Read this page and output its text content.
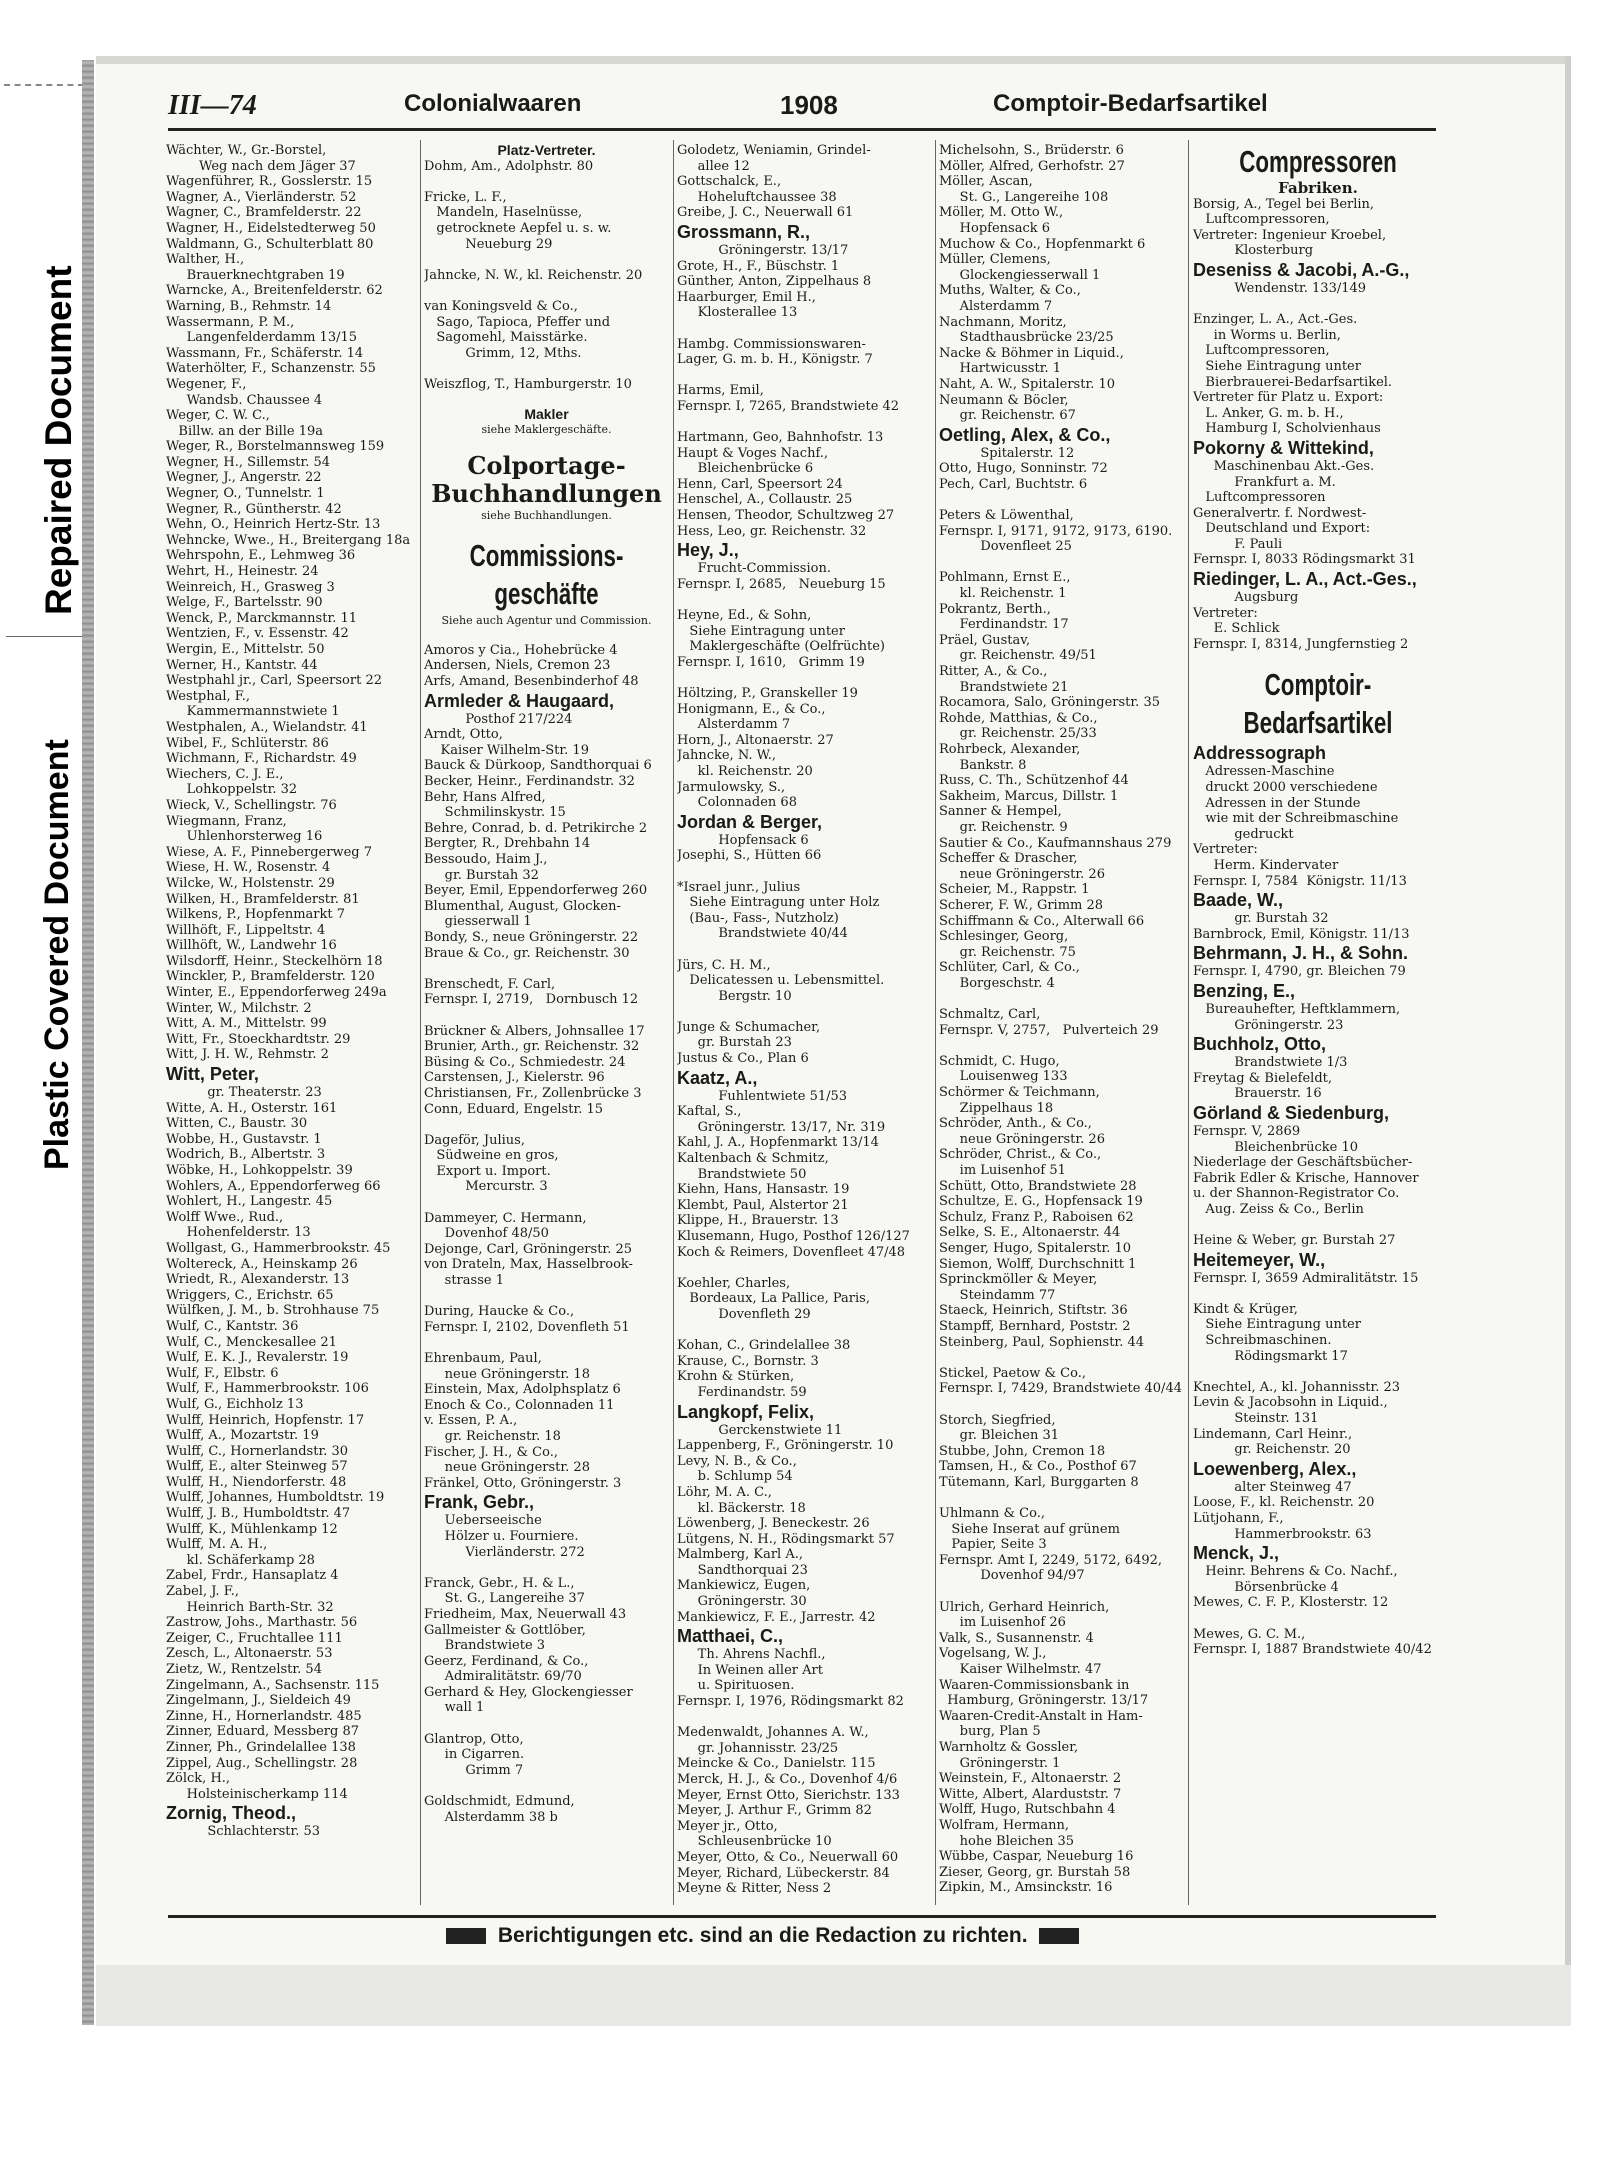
Repaired Document
Plastic Covered Document
III—74	Colonialwaaren	1908	Comptoir-Bedarfsartikel
Wächter, W., Gr.-Borstel,
Weg nach dem Jäger 37
Wagenführer, R., Gosslerstr. 15
Wagner, A., Vierländerstr. 52
Wagner, C., Bramfelderstr. 22
Wagner, H., Eidelstedterweg 50
Waldmann, G., Schulterblatt 80
Walther, H.,
Brauerknechtgraben 19
Warncke, A., Breitenfelderstr. 62
Warning, B., Rehmstr. 14
Wassermann, P. M.,
Langenfelderdamm 13/15
Wassmann, Fr., Schäferstr. 14
Waterhölter, F., Schanzenstr. 55
Wegener, F.,
Wandsb. Chaussee 4
Weger, C. W. C.,
Billw. an der Bille 19a
Weger, R., Borstelmannsweg 159
Wegner, H., Sillemstr. 54
Wegner, J., Angerstr. 22
Wegner, O., Tunnelstr. 1
Wegner, R., Güntherstr. 42
Wehn, O., Heinrich Hertz-Str. 13
Wehncke, Wwe., H., Breitergang 18a
Wehrspohn, E., Lehmweg 36
Wehrt, H., Heinestr. 24
Weinreich, H., Grasweg 3
Welge, F., Bartelsstr. 90
Wenck, P., Marckmannstr. 11
Wentzien, F., v. Essenstr. 42
Wergin, E., Mittelstr. 50
Werner, H., Kantstr. 44
Westphahl jr., Carl, Speersort 22
Westphal, F.,
Kammermannstwiete 1
Westphalen, A., Wielandstr. 41
Wibel, F., Schlüterstr. 86
Wichmann, F., Richardstr. 49
Wiechers, C. J. E.,
Lohkoppelstr. 32
Wieck, V., Schellingstr. 76
Wiegmann, Franz,
Uhlenhorsterweg 16
Wiese, A. F., Pinnebergerweg 7
Wiese, H. W., Rosenstr. 4
Wilcke, W., Holstenstr. 29
Wilken, H., Bramfelderstr. 81
Wilkens, P., Hopfenmarkt 7
Willhöft, F., Lippeltstr. 4
Willhöft, W., Landwehr 16
Wilsdorff, Heinr., Steckelhörn 18
Winckler, P., Bramfelderstr. 120
Winter, E., Eppendorferweg 249a
Winter, W., Milchstr. 2
Witt, A. M., Mittelstr. 99
Witt, Fr., Stoeckhardtstr. 29
Witt, J. H. W., Rehmstr. 2
Witt, Peter,
gr. Theaterstr. 23
Witte, A. H., Osterstr. 161
Witten, C., Baustr. 30
Wobbe, H., Gustavstr. 1
Wodrich, B., Albertstr. 3
Wöbke, H., Lohkoppelstr. 39
Wohlers, A., Eppendorferweg 66
Wohlert, H., Langestr. 45
Wolff Wwe., Rud.,
Hohenfelderstr. 13
Wollgast, G., Hammerbrookstr. 45
Woltereck, A., Heinskamp 26
Wriedt, R., Alexanderstr. 13
Wriggers, C., Erichstr. 65
Wülfken, J. M., b. Strohhause 75
Wulf, C., Kantstr. 36
Wulf, C., Menckesallee 21
Wulf, E. K. J., Revalerstr. 19
Wulf, F., Elbstr. 6
Wulf, F., Hammerbrookstr. 106
Wulf, G., Eichholz 13
Wulff, Heinrich, Hopfenstr. 17
Wulff, A., Mozartstr. 19
Wulff, C., Hornerlandstr. 30
Wulff, E., alter Steinweg 57
Wulff, H., Niendorferstr. 48
Wulff, Johannes, Humboldtstr. 19
Wulff, J. B., Humboldtstr. 47
Wulff, K., Mühlenkamp 12
Wulff, M. A. H.,
kl. Schäferkamp 28
Zabel, Frdr., Hansaplatz 4
Zabel, J. F.,
Heinrich Barth-Str. 32
Zastrow, Johs., Marthastr. 56
Zeiger, C., Fruchtallee 111
Zesch, L., Altonaerstr. 53
Zietz, W., Rentzelstr. 54
Zingelmann, A., Sachsenstr. 115
Zingelmann, J., Sieldeich 49
Zinne, H., Hornerlandstr. 485
Zinner, Eduard, Messberg 87
Zinner, Ph., Grindelallee 138
Zippel, Aug., Schellingstr. 28
Zölck, H.,
Holsteinischerkamp 114
Zornig, Theod.,
Schlachterstr. 53
Platz-Vertreter.
Dohm, Am., Adolphstr. 80

Fricke, L. F.,
Mandeln, Haselnüsse,
getrocknete Aepfel u. s. w.
Neueburg 29

Jahncke, N. W., kl. Reichenstr. 20

van Koningsveld & Co.,
Sago, Tapioca, Pfeffer und
Sagomehl, Maisstärke.
Grimm, 12, Mths.

Weiszflog, T., Hamburgerstr. 10
Makler
siehe Maklergeschäfte.
Colportage-Buchhandlungen
siehe Buchhandlungen.
Commissions-geschäfte
Siehe auch Agentur und Commission.
Amoros y Cia., Hohebrücke 4
Andersen, Niels, Cremon 23
Arfs, Amand, Besenbinderhof 48
Armleder & Haugaard,
Posthof 217/224
Arndt, Otto,
Kaiser Wilhelm-Str. 19
Bauck & Dürkoop, Sandthorquai 6
Becker, Heinr., Ferdinandstr. 32
Behr, Hans Alfred,
Schmilinskystr. 15
Behre, Conrad, b. d. Petrikirche 2
Bergter, R., Drehbahn 14
Bessoudo, Haim J.,
gr. Burstah 32
Beyer, Emil, Eppendorferweg 260
Blumenthal, August, Glocken-
giesserwall 1
Bondy, S., neue Gröningerstr. 22
Braue & Co., gr. Reichenstr. 30

Brenschedt, F. Carl,
Fernspr. I, 2719,   Dornbusch 12

Brückner & Albers, Johnsallee 17
Brunier, Arth., gr. Reichenstr. 32
Büsing & Co., Schmiedestr. 24
Carstensen, J., Kielerstr. 96
Christiansen, Fr., Zollenbrücke 3
Conn, Eduard, Engelstr. 15

Dageför, Julius,
Südweine en gros,
Export u. Import.
Mercurstr. 3

Dammeyer, C. Hermann,
Dovenhof 48/50
Dejonge, Carl, Gröningerstr. 25
von Drateln, Max, Hasselbrook-
strasse 1

During, Haucke & Co.,
Fernspr. I, 2102, Dovenfleth 51

Ehrenbaum, Paul,
neue Gröningerstr. 18
Einstein, Max, Adolphsplatz 6
Enoch & Co., Colonnaden 11
v. Essen, P. A.,
gr. Reichenstr. 18
Fischer, J. H., & Co.,
neue Gröningerstr. 28
Fränkel, Otto, Gröningerstr. 3
Frank, Gebr.,
Ueberseeische
Hölzer u. Fourniere.
Vierländerstr. 272

Franck, Gebr., H. & L.,
St. G., Langereihe 37
Friedheim, Max, Neuerwall 43
Gallmeister & Gottlöber,
Brandstwiete 3
Geerz, Ferdinand, & Co.,
Admiralitätstr. 69/70
Gerhard & Hey, Glockengiesser
wall 1

Glantrop, Otto,
in Cigarren.
Grimm 7

Goldschmidt, Edmund,
Alsterdamm 38 b
Golodetz, Weniamin, Grindel-
allee 12
Gottschalck, E.,
Hoheluftchaussee 38
Greibe, J. C., Neuerwall 61
Grossmann, R.,
Gröningerstr. 13/17
Grote, H., F., Büschstr. 1
Günther, Anton, Zippelhaus 8
Haarburger, Emil H.,
Klosterallee 13

Hambg. Commissionswaren-
Lager, G. m. b. H., Königstr. 7

Harms, Emil,
Fernspr. I, 7265, Brandstwiete 42

Hartmann, Geo, Bahnhofstr. 13
Haupt & Voges Nachf.,
Bleichenbrücke 6
Henn, Carl, Speersort 24
Henschel, A., Collaustr. 25
Hensen, Theodor, Schultzweg 27
Hess, Leo, gr. Reichenstr. 32
Hey, J.,
Frucht-Commission.
Fernspr. I, 2685,   Neueburg 15

Heyne, Ed., & Sohn,
Siehe Eintragung unter
Maklergeschäfte (Oelfrüchte)
Fernspr. I, 1610,   Grimm 19

Höltzing, P., Granskeller 19
Honigmann, E., & Co.,
Alsterdamm 7
Horn, J., Altonaerstr. 27
Jahncke, N. W.,
kl. Reichenstr. 20
Jarmulowsky, S.,
Colonnaden 68
Jordan & Berger,
Hopfensack 6
Josephi, S., Hütten 66

*Israel junr., Julius
Siehe Eintragung unter Holz
(Bau-, Fass-, Nutzholz)
Brandstwiete 40/44

Jürs, C. H. M.,
Delicatessen u. Lebensmittel.
Bergstr. 10

Junge & Schumacher,
gr. Burstah 23
Justus & Co., Plan 6
Kaatz, A.,
Fuhlentwiete 51/53
Kaftal, S.,
Gröningerstr. 13/17, Nr. 319
Kahl, J. A., Hopfenmarkt 13/14
Kaltenbach & Schmitz,
Brandstwiete 50
Kiehn, Hans, Hansastr. 19
Klembt, Paul, Alstertor 21
Klippe, H., Brauerstr. 13
Klusemann, Hugo, Posthof 126/127
Koch & Reimers, Dovenfleet 47/48

Koehler, Charles,
Bordeaux, La Pallice, Paris,
Dovenfleth 29

Kohan, C., Grindelallee 38
Krause, C., Bornstr. 3
Krohn & Stürken,
Ferdinandstr. 59
Langkopf, Felix,
Gerckenstwiete 11
Lappenberg, F., Gröningerstr. 10
Levy, N. B., & Co.,
b. Schlump 54
Löhr, M. A. C.,
kl. Bäckerstr. 18
Löwenberg, J. Beneckestr. 26
Lütgens, N. H., Rödingsmarkt 57
Malmberg, Karl A.,
Sandthorquai 23
Mankiewicz, Eugen,
Gröningerstr. 30
Mankiewicz, F. E., Jarrestr. 42
Matthaei, C.,
Th. Ahrens Nachfl.,
In Weinen aller Art
u. Spirituosen.
Fernspr. I, 1976, Rödingsmarkt 82

Medenwaldt, Johannes A. W.,
gr. Johannisstr. 23/25
Meincke & Co., Danielstr. 115
Merck, H. J., & Co., Dovenhof 4/6
Meyer, Ernst Otto, Sierichstr. 133
Meyer, J. Arthur F., Grimm 82
Meyer jr., Otto,
Schleusenbrücke 10
Meyer, Otto, & Co., Neuerwall 60
Meyer, Richard, Lübeckerstr. 84
Meyne & Ritter, Ness 2
Michelsohn, S., Brüderstr. 6
Möller, Alfred, Gerhofstr. 27
Möller, Ascan,
St. G., Langereihe 108
Möller, M. Otto W.,
Hopfensack 6
Muchow & Co., Hopfenmarkt 6
Müller, Clemens,
Glockengiesserwall 1
Muths, Walter, & Co.,
Alsterdamm 7
Nachmann, Moritz,
Stadthausbrücke 23/25
Nacke & Böhmer in Liquid.,
Hartwicusstr. 1
Naht, A. W., Spitalerstr. 10
Neumann & Böcler,
gr. Reichenstr. 67
Oetling, Alex, & Co.,
Spitalerstr. 12
Otto, Hugo, Sonninstr. 72
Pech, Carl, Buchtstr. 6

Peters & Löwenthal,
Fernspr. I, 9171, 9172, 9173, 6190.
Dovenfleet 25

Pohlmann, Ernst E.,
kl. Reichenstr. 1
Pokrantz, Berth.,
Ferdinandstr. 17
Präel, Gustav,
gr. Reichenstr. 49/51
Ritter, A., & Co.,
Brandstwiete 21
Rocamora, Salo, Gröningerstr. 35
Rohde, Matthias, & Co.,
gr. Reichenstr. 25/33
Rohrbeck, Alexander,
Bankstr. 8
Russ, C. Th., Schützenhof 44
Sakheim, Marcus, Dillstr. 1
Sanner & Hempel,
gr. Reichenstr. 9
Sautier & Co., Kaufmannshaus 279
Scheffer & Drascher,
neue Gröningerstr. 26
Scheier, M., Rappstr. 1
Scherer, F. W., Grimm 28
Schiffmann & Co., Alterwall 66
Schlesinger, Georg,
gr. Reichenstr. 75
Schlüter, Carl, & Co.,
Borgeschstr. 4

Schmaltz, Carl,
Fernspr. V, 2757,   Pulverteich 29

Schmidt, C. Hugo,
Louisenweg 133
Schörmer & Teichmann,
Zippelhaus 18
Schröder, Anth., & Co.,
neue Gröningerstr. 26
Schröder, Christ., & Co.,
im Luisenhof 51
Schütt, Otto, Brandstwiete 28
Schultze, E. G., Hopfensack 19
Schulz, Franz P., Raboisen 62
Selke, S. E., Altonaerstr. 44
Senger, Hugo, Spitalerstr. 10
Siemon, Wolff, Durchschnitt 1
Sprinckmöller & Meyer,
Steindamm 77
Staeck, Heinrich, Stiftstr. 36
Stampff, Bernhard, Poststr. 2
Steinberg, Paul, Sophienstr. 44

Stickel, Paetow & Co.,
Fernspr. I, 7429, Brandstwiete 40/44

Storch, Siegfried,
gr. Bleichen 31
Stubbe, John, Cremon 18
Tamsen, H., & Co., Posthof 67
Tütemann, Karl, Burggarten 8

Uhlmann & Co.,
Siehe Inserat auf grünem
Papier, Seite 3
Fernspr. Amt I, 2249, 5172, 6492,
Dovenhof 94/97

Ulrich, Gerhard Heinrich,
im Luisenhof 26
Valk, S., Susannenstr. 4
Vogelsang, W. J.,
Kaiser Wilhelmstr. 47
Waaren-Commissionsbank in
Hamburg, Gröningerstr. 13/17
Waaren-Credit-Anstalt in Ham-
burg, Plan 5
Warnholtz & Gossler,
Gröningerstr. 1
Weinstein, F., Altonaerstr. 2
Witte, Albert, Alarduststr. 7
Wolff, Hugo, Rutschbahn 4
Wolfram, Hermann,
hohe Bleichen 35
Wübbe, Caspar, Neueburg 16
Zieser, Georg, gr. Burstah 58
Zipkin, M., Amsinckstr. 16
Compressoren
Fabriken.
Borsig, A., Tegel bei Berlin,
Luftcompressoren,
Vertreter: Ingenieur Kroebel,
Klosterburg
Deseniss & Jacobi, A.-G.,
Wendenstr. 133/149

Enzinger, L. A., Act.-Ges.
in Worms u. Berlin,
Luftcompressoren,
Siehe Eintragung unter
Bierbrauerei-Bedarfsartikel.
Vertreter für Platz u. Export:
L. Anker, G. m. b. H.,
Hamburg I, Scholvienhaus
Pokorny & Wittekind,
Maschinenbau Akt.-Ges.
Frankfurt a. M.
Luftcompressoren
Generalvertr. f. Nordwest-
Deutschland und Export:
F. Pauli
Fernspr. I, 8033 Rödingsmarkt 31
Riedinger, L. A., Act.-Ges.,
Augsburg
Vertreter:
E. Schlick
Fernspr. I, 8314, Jungfernstieg 2
Comptoir-Bedarfsartikel
Addressograph
Adressen-Maschine
druckt 2000 verschiedene
Adressen in der Stunde
wie mit der Schreibmaschine
gedruckt
Vertreter:
Herm. Kindervater
Fernspr. I, 7584  Königstr. 11/13
Baade, W.,
gr. Burstah 32
Barnbrock, Emil, Königstr. 11/13
Behrmann, J. H., & Sohn.
Fernspr. I, 4790, gr. Bleichen 79
Benzing, E.,
Bureauhefter, Heftklammern,
Gröningerstr. 23
Buchholz, Otto,
Brandstwiete 1/3
Freytag & Bielefeldt,
Brauerstr. 16
Görland & Siedenburg,
Fernspr. V, 2869
Bleichenbrücke 10
Niederlage der Geschäftsbücher-
Fabrik Edler & Krische, Hannover
u. der Shannon-Registrator Co.
Aug. Zeiss & Co., Berlin

Heine & Weber, gr. Burstah 27
Heitemeyer, W.,
Fernspr. I, 3659 Admiralitätstr. 15

Kindt & Krüger,
Siehe Eintragung unter
Schreibmaschinen.
Rödingsmarkt 17

Knechtel, A., kl. Johannisstr. 23
Levin & Jacobsohn in Liquid.,
Steinstr. 131
Lindemann, Carl Heinr.,
gr. Reichenstr. 20
Loewenberg, Alex.,
alter Steinweg 47
Loose, F., kl. Reichenstr. 20
Lütjohann, F.,
Hammerbrookstr. 63
Menck, J.,
Heinr. Behrens & Co. Nachf.,
Börsenbrücke 4
Mewes, C. F. P., Klosterstr. 12

Mewes, G. C. M.,
Fernspr. I, 1887 Brandstwiete 40/42
Berichtigungen etc. sind an die Redaction zu richten.
